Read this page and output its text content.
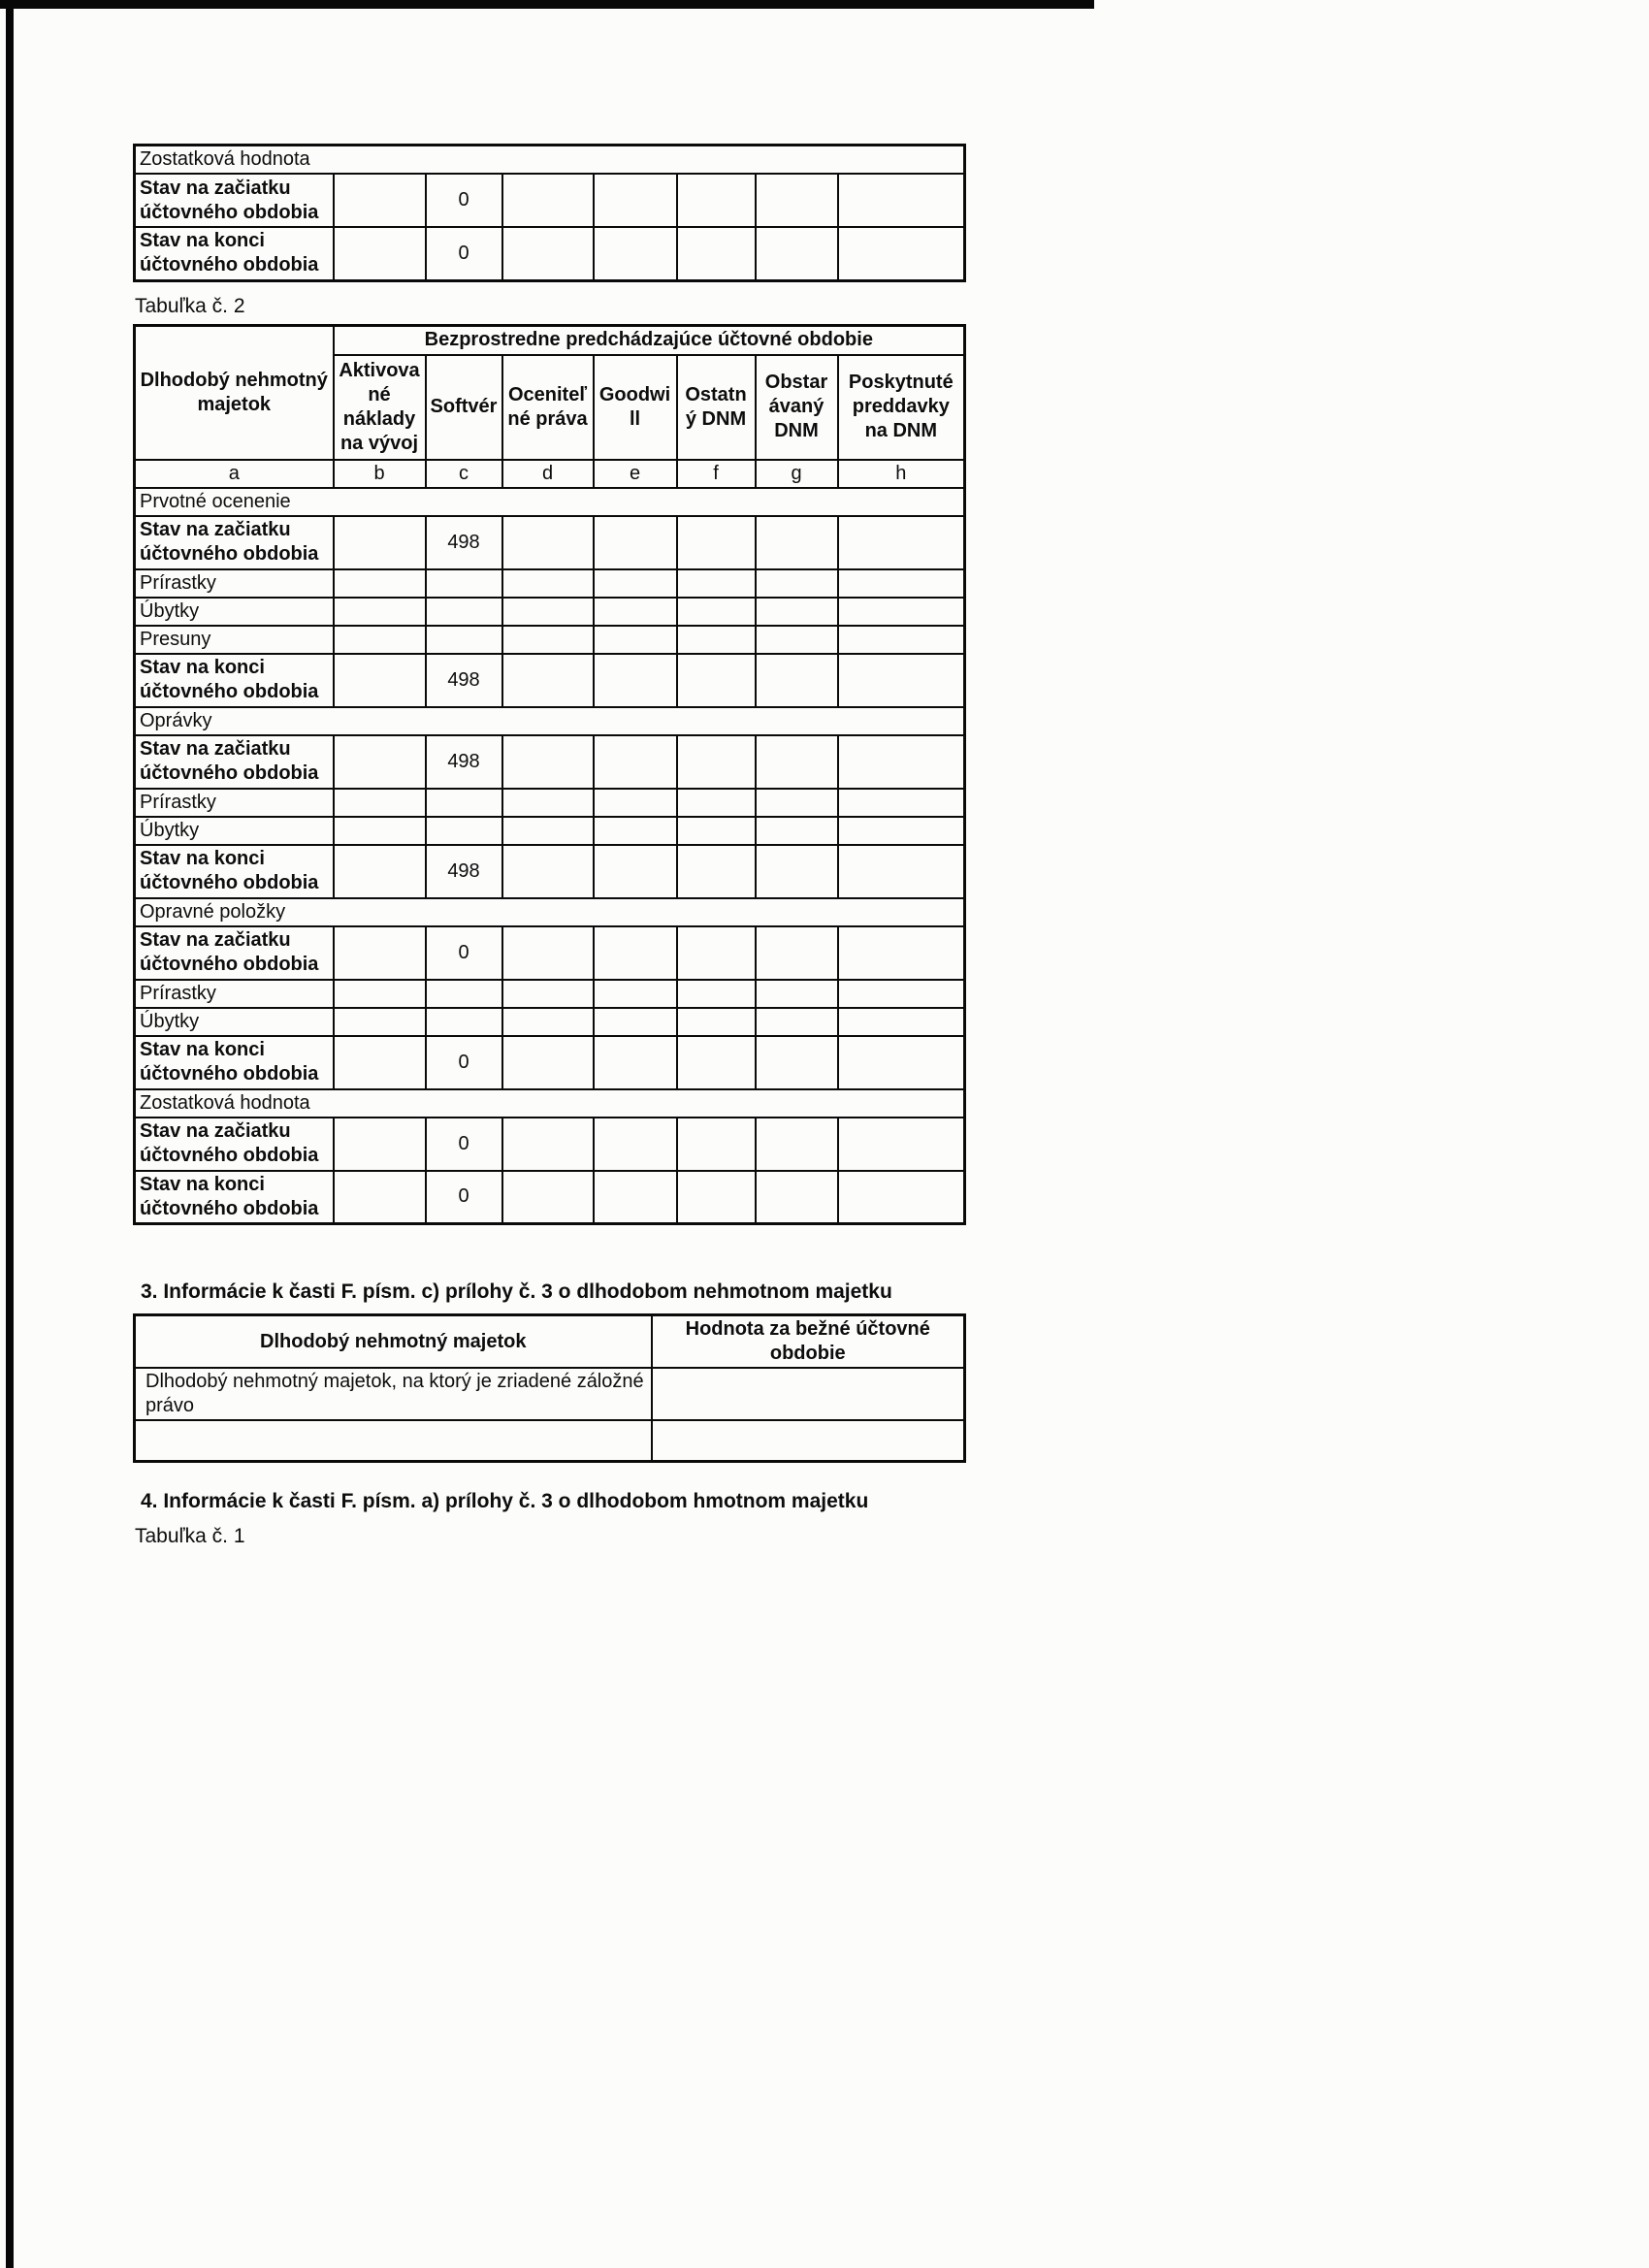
Zostatková hodnota							
Stav na začiatku účtovného obdobia		0					
Stav na konci účtovného obdobia		0					
Tabuľka č. 2
Dlhodobý nehmotný majetok	Bezprostredne predchádzajúce účtovné obdobie						
	Aktivované náklady na vývoj	Softvér	Oceniteľné práva	Goodwill	Ostatný DNM	Obstarávaný DNM	Poskytnuté preddavky na DNM
a	b	c	d	e	f	g	h
Prvotné ocenenie							
Stav na začiatku účtovného obdobia		498					
Prírastky							
Úbytky							
Presuny							
Stav na konci účtovného obdobia		498					
Oprávky							
Stav na začiatku účtovného obdobia		498					
Prírastky							
Úbytky							
Stav na konci účtovného obdobia		498					
Opravné položky							
Stav na začiatku účtovného obdobia		0					
Prírastky							
Úbytky							
Stav na konci účtovného obdobia		0					
Zostatková hodnota							
Stav na začiatku účtovného obdobia		0					
Stav na konci účtovného obdobia		0					
3. Informácie k časti F. písm. c) prílohy č. 3 o dlhodobom nehmotnom majetku
Dlhodobý nehmotný majetok	Hodnota za bežné účtovné obdobie
Dlhodobý nehmotný majetok, na ktorý je zriadené záložné právo	

4. Informácie k časti F. písm. a) prílohy č. 3 o dlhodobom hmotnom majetku
Tabuľka č. 1
